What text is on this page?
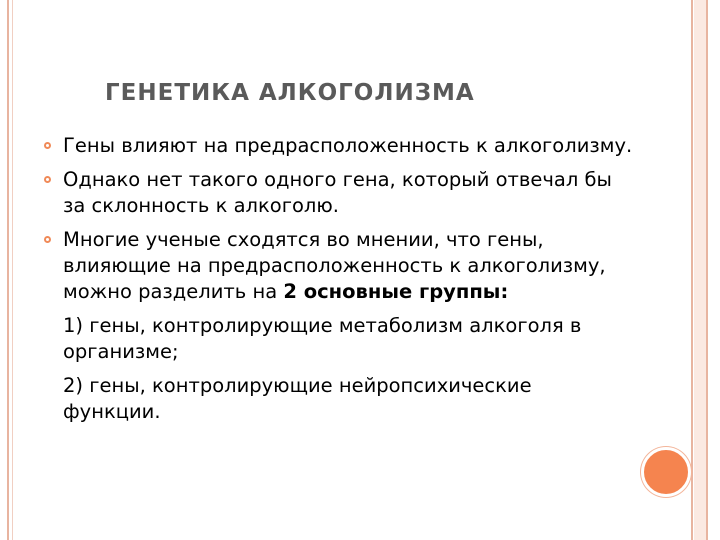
ГЕНЕТИКА АЛКОГОЛИЗМА
Гены влияют на предрасположенность к алкоголизму.
Однако нет такого одного гена, который отвечал бы за склонность к алкоголю.
Многие ученые сходятся во мнении, что гены, влияющие на предрасположенность к алкоголизму, можно разделить на 2 основные группы:
1) гены, контролирующие метаболизм алкоголя в организме;
2) гены, контролирующие нейропсихические функции.
